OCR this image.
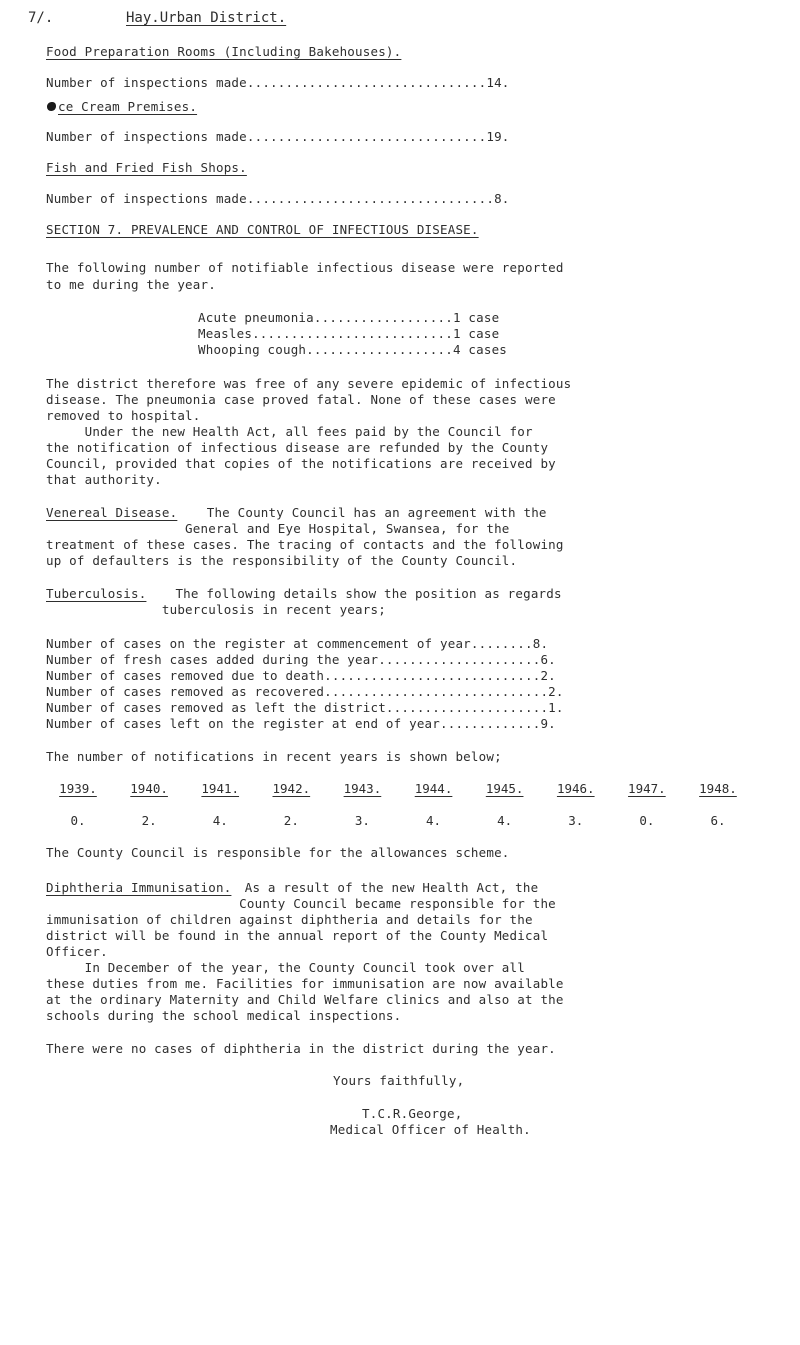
7/.	Hay.Urban District.
Food Preparation Rooms (Including Bakehouses).
Number of inspections made...............................14.
ce Cream Premises.
Number of inspections made...............................19.
Fish and Fried Fish Shops.
Number of inspections made................................8.
SECTION 7. PREVALENCE AND CONTROL OF INFECTIOUS DISEASE.
The following number of notifiable infectious disease were reported
to me during the year.
Acute pneumonia..................1 case
Measles..........................1 case
Whooping cough...................4 cases
The district therefore was free of any severe epidemic of infectious
disease. The pneumonia case proved fatal. None of these cases were
removed to hospital.
Under the new Health Act, all fees paid by the Council for
the notification of infectious disease are refunded by the County
Council, provided that copies of the notifications are received by
that authority.
Venereal Disease. The County Council has an agreement with the
General and Eye Hospital, Swansea, for the
treatment of these cases. The tracing of contacts and the following
up of defaulters is the responsibility of the County Council.
Tuberculosis. The following details show the position as regards
tuberculosis in recent years;
Number of cases on the register at commencement of year........8.
Number of fresh cases added during the year.....................6.
Number of cases removed due to death............................2.
Number of cases removed as recovered.............................2.
Number of cases removed as left the district.....................1.
Number of cases left on the register at end of year.............9.
The number of notifications in recent years is shown below;
1939.	1940.	1941.	1942.	1943.	1944.	1945.	1946.	1947.	1948.
0.	2.	4.	2.	3.	4.	4.	3.	0.	6.
The County Council is responsible for the allowances scheme.
Diphtheria Immunisation. As a result of the new Health Act, the
County Council became responsible for the
immunisation of children against diphtheria and details for the
district will be found in the annual report of the County Medical
Officer.
In December of the year, the County Council took over all
these duties from me. Facilities for immunisation are now available
at the ordinary Maternity and Child Welfare clinics and also at the
schools during the school medical inspections.
There were no cases of diphtheria in the district during the year.
Yours faithfully,
T.C.R.George,
Medical Officer of Health.
